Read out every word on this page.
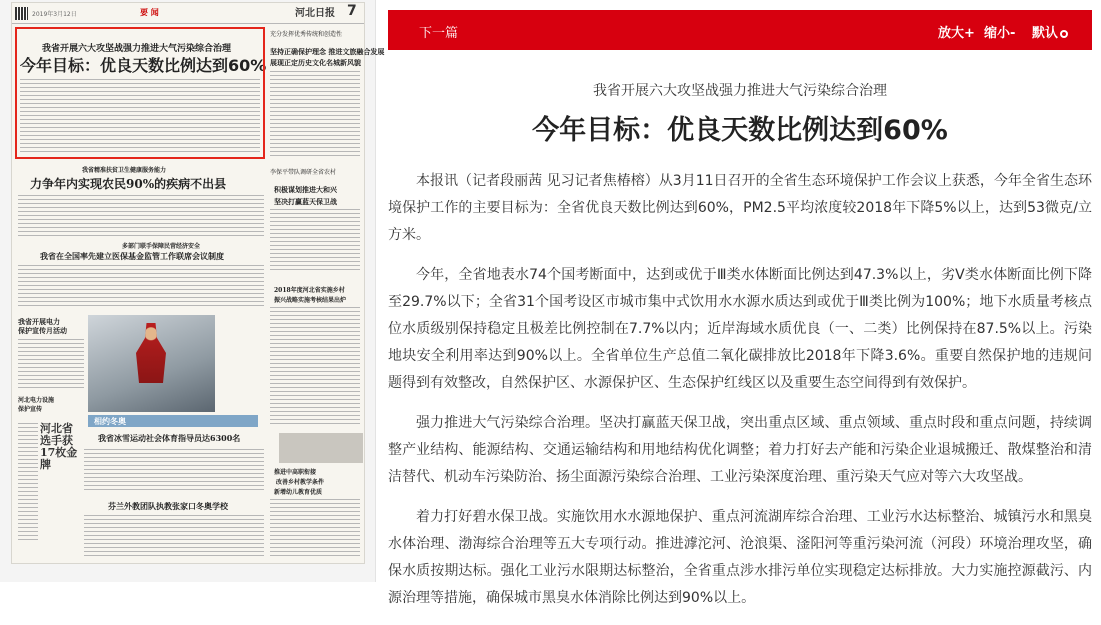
2019年3月12日	要 闻	河北日报 7
我省开展六大攻坚战强力推进大气污染综合治理
今年目标：优良天数比例达到60%
充分发挥优秀传统和创造性
坚持正确保护理念 推进文旅融合发展
展现正定历史文化名城新风貌
我省精准扶贫卫生健康服务能力
力争年内实现农民90%的疾病不出县
李保平带队调研全省农村
积极谋划推进大和兴
坚决打赢蓝天保卫战
多部门联手保障民营经济安全
我省在全国率先建立医保基金监管工作联席会议制度
2018年度河北省实施乡村
振兴战略实施考核结果出炉
我省开展电力
保护宣传月活动
河北电力设施
保护宣传
相约冬奥
河北省选手获17枚金牌
我省冰雪运动社会体育指导员达6300名
推进中高职衔接
改善乡村教学条件
新增幼儿教育优质
芬兰外教团队执教张家口冬奥学校
下一篇	放大+ 缩小- 默认
我省开展六大攻坚战强力推进大气污染综合治理
今年目标：优良天数比例达到60%

本报讯（记者段丽茜 见习记者焦椿榕）从3月11日召开的全省生态环境保护工作会议上获悉，今年全省生态环境保护工作的主要目标为：全省优良天数比例达到60%，PM2.5平均浓度较2018年下降5%以上，达到53微克/立方米。

今年，全省地表水74个国考断面中，达到或优于Ⅲ类水体断面比例达到47.3%以上，劣Ⅴ类水体断面比例下降至29.7%以下；全省31个国考设区市城市集中式饮用水水源水质达到或优于Ⅲ类比例为100%；地下水质量考核点位水质级别保持稳定且极差比例控制在7.7%以内；近岸海域水质优良（一、二类）比例保持在87.5%以上。污染地块安全利用率达到90%以上。全省单位生产总值二氧化碳排放比2018年下降3.6%。重要自然保护地的违规问题得到有效整改，自然保护区、水源保护区、生态保护红线区以及重要生态空间得到有效保护。

强力推进大气污染综合治理。坚决打赢蓝天保卫战，突出重点区域、重点领域、重点时段和重点问题，持续调整产业结构、能源结构、交通运输结构和用地结构优化调整；着力打好去产能和污染企业退城搬迁、散煤整治和清洁替代、机动车污染防治、扬尘面源污染综合治理、工业污染深度治理、重污染天气应对等六大攻坚战。

着力打好碧水保卫战。实施饮用水水源地保护、重点河流湖库综合治理、工业污水达标整治、城镇污水和黑臭水体治理、渤海综合治理等五大专项行动。推进滹沱河、沧浪渠、滏阳河等重污染河流（河段）环境治理攻坚，确保水质按期达标。强化工业污水限期达标整治，全省重点涉水排污单位实现稳定达标排放。大力实施控源截污、内源治理等措施，确保城市黑臭水体消除比例达到90%以上。
